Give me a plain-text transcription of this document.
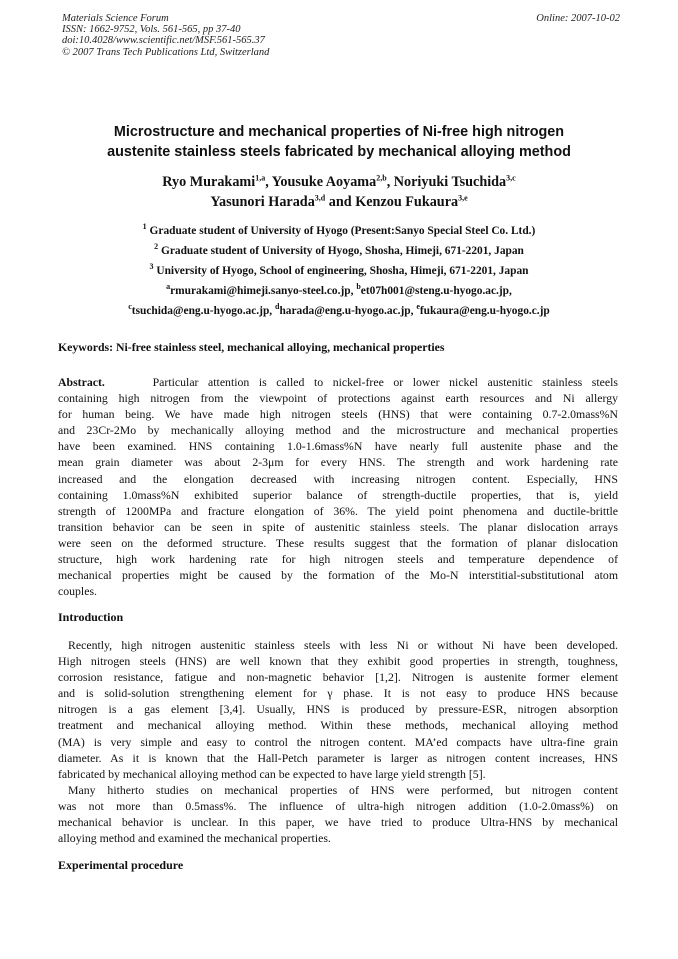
Materials Science Forum
ISSN: 1662-9752, Vols. 561-565, pp 37-40
doi:10.4028/www.scientific.net/MSF.561-565.37
© 2007 Trans Tech Publications Ltd, Switzerland
Online: 2007-10-02
Microstructure and mechanical properties of Ni-free high nitrogen
austenite stainless steels fabricated by mechanical alloying method
Ryo Murakami$^{1,a}$, Yousuke Aoyama$^{2,b}$, Noriyuki Tsuchida$^{3,c}$
Yasunori Harada$^{3,d}$ and Kenzou Fukaura$^{3,e}$
$^1$ Graduate student of University of Hyogo (Present:Sanyo Special Steel Co. Ltd.)
$^2$ Graduate student of University of Hyogo, Shosha, Himeji, 671-2201, Japan
$^3$ University of Hyogo, School of engineering, Shosha, Himeji, 671-2201, Japan
$^a$rmurakami@himeji.sanyo-steel.co.jp, $^b$et07h001@steng.u-hyogo.ac.jp,
$^c$tsuchida@eng.u-hyogo.ac.jp, $^d$harada@eng.u-hyogo.ac.jp, $^e$fukaura@eng.u-hyogo.c.jp
Keywords: Ni-free stainless steel, mechanical alloying, mechanical properties
Abstract.	Particular attention is called to nickel-free or lower nickel austenitic stainless steels
containing high nitrogen from the viewpoint of protections against earth resources and Ni allergy
for human being. We have made high nitrogen steels (HNS) that were containing 0.7-2.0mass%N
and 23Cr-2Mo by mechanically alloying method and the microstructure and mechanical properties
have been examined. HNS containing 1.0-1.6mass%N have nearly full austenite phase and the
mean grain diameter was about 2-3μm for every HNS. The strength and work hardening rate
increased and the elongation decreased with increasing nitrogen content. Especially, HNS
containing 1.0mass%N exhibited superior balance of strength-ductile properties, that is, yield
strength of 1200MPa and fracture elongation of 36%. The yield point phenomena and ductile-brittle
transition behavior can be seen in spite of austenitic stainless steels. The planar dislocation arrays
were seen on the deformed structure. These results suggest that the formation of planar dislocation
structure, high work hardening rate for high nitrogen steels and temperature dependence of
mechanical properties might be caused by the formation of the Mo-N interstitial-substitutional atom
couples.
Introduction
Recently, high nitrogen austenitic stainless steels with less Ni or without Ni have been developed.
High nitrogen steels (HNS) are well known that they exhibit good properties in strength, toughness,
corrosion resistance, fatigue and non-magnetic behavior [1,2]. Nitrogen is austenite former element
and is solid-solution strengthening element for γ phase. It is not easy to produce HNS because
nitrogen is a gas element [3,4]. Usually, HNS is produced by pressure-ESR, nitrogen absorption
treatment and mechanical alloying method. Within these methods, mechanical alloying method
(MA) is very simple and easy to control the nitrogen content. MA’ed compacts have ultra-fine grain
diameter. As it is known that the Hall-Petch parameter is larger as nitrogen content increases, HNS
fabricated by mechanical alloying method can be expected to have large yield strength [5].
Many hitherto studies on mechanical properties of HNS were performed, but nitrogen content
was not more than 0.5mass%. The influence of ultra-high nitrogen addition (1.0-2.0mass%) on
mechanical behavior is unclear. In this paper, we have tried to produce Ultra-HNS by mechanical
alloying method and examined the mechanical properties.
Experimental procedure
